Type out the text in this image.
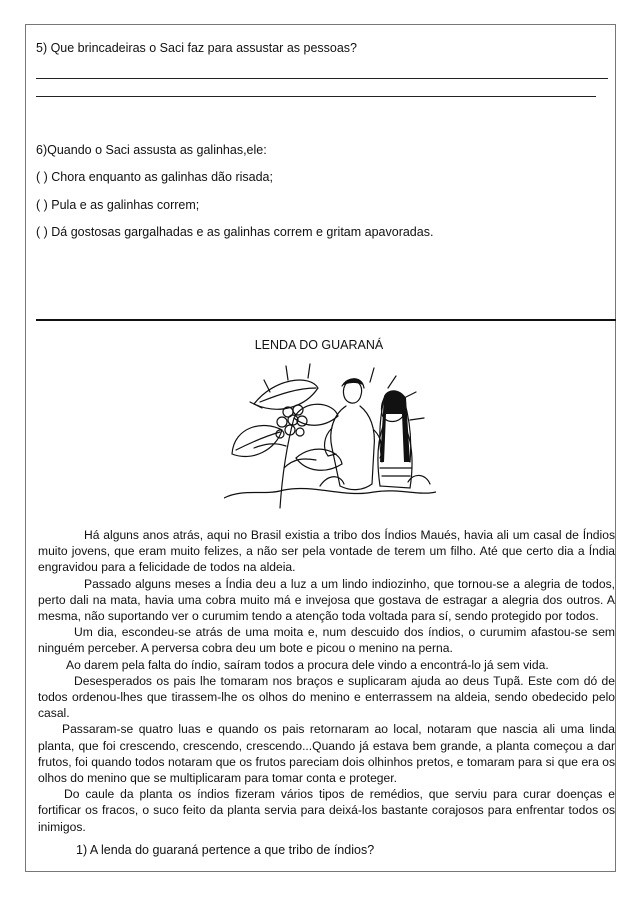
5) Que brincadeiras o Saci faz para assustar as pessoas?
6)Quando o Saci assusta as galinhas,ele:
( ) Chora enquanto as galinhas dão risada;
( ) Pula e as galinhas correm;
( ) Dá gostosas gargalhadas e as galinhas correm e gritam apavoradas.
LENDA DO GUARANÁ

Há alguns anos atrás, aqui no Brasil existia a tribo dos Índios Maués, havia ali um casal de Índios muito jovens, que eram muito felizes, a não ser pela vontade de terem um filho. Até que certo dia a Índia engravidou para a felicidade de todos na aldeia.

Passado alguns meses a Índia deu a luz a um lindo indiozinho, que tornou-se a alegria de todos, perto dali na mata, havia uma cobra muito má e invejosa que gostava de estragar a alegria dos outros. A mesma, não suportando ver o curumim tendo a atenção toda voltada para sí, sendo protegido por todos.

Um dia, escondeu-se atrás de uma moita e, num descuido dos índios, o curumim afastou-se sem ninguém perceber. A perversa cobra deu um bote e picou o menino na perna.

Ao darem pela falta do índio, saíram todos a procura dele vindo a encontrá-lo já sem vida.

Desesperados os pais lhe tomaram nos braços e suplicaram ajuda ao deus Tupã. Este com dó de todos ordenou-lhes que tirassem-lhe os olhos do menino e enterrassem na aldeia, sendo obedecido pelo casal.

Passaram-se quatro luas e quando os pais retornaram ao local, notaram que nascia ali uma linda planta, que foi crescendo, crescendo, crescendo...Quando já estava bem grande, a planta começou a dar frutos, foi quando todos notaram que os frutos pareciam dois olhinhos pretos, e tomaram para si que era os olhos do menino que se multiplicaram para tomar conta e proteger.

Do caule da planta os índios fizeram vários tipos de remédios, que serviu para curar doenças e fortificar os fracos, o suco feito da planta servia para deixá-los bastante corajosos para enfrentar todos os inimigos.

1) A lenda do guaraná pertence a que tribo de índios?
